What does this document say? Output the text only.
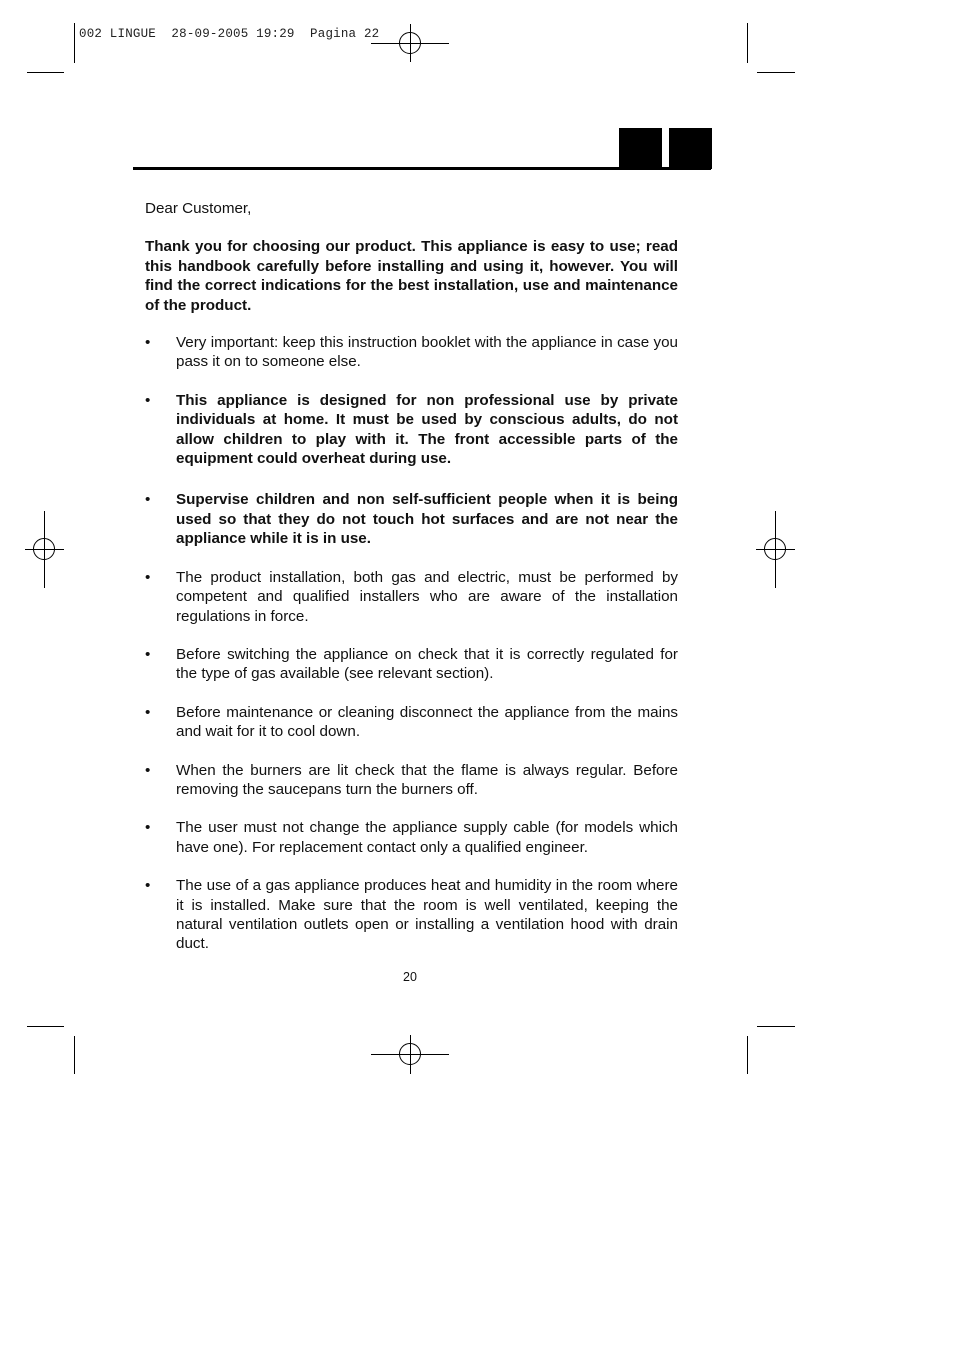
002 LINGUE  28-09-2005 19:29  Pagina 22

Dear Customer,

Thank you for choosing our product. This appliance is easy to use; read this handbook carefully before installing and using it, however. You will find the correct indications for the best installation, use and maintenance of the product.

• Very important: keep this instruction booklet with the appliance in case you pass it on to someone else.
• This appliance is designed for non professional use by private individuals at home. It must be used by conscious adults, do not allow children to play with it. The front accessible parts of the equipment could overheat during use.
• Supervise children and non self-sufficient people when it is being used so that they do not touch hot surfaces and are not near the appliance while it is in use.
• The product installation, both gas and electric, must be performed by competent and qualified installers who are aware of the installation regulations in force.
• Before switching the appliance on check that it is correctly regulated for the type of gas available (see relevant section).
• Before maintenance or cleaning disconnect the appliance from the mains and wait for it to cool down.
• When the burners are lit check that the flame is always regular. Before removing the saucepans turn the burners off.
• The user must not change the appliance supply cable (for models which have one). For replacement contact only a qualified engineer.
• The use of a gas appliance produces heat and humidity in the room where it is installed. Make sure that the room is well ventilated, keeping the natural ventilation outlets open or installing a ventilation hood with drain duct.
20
